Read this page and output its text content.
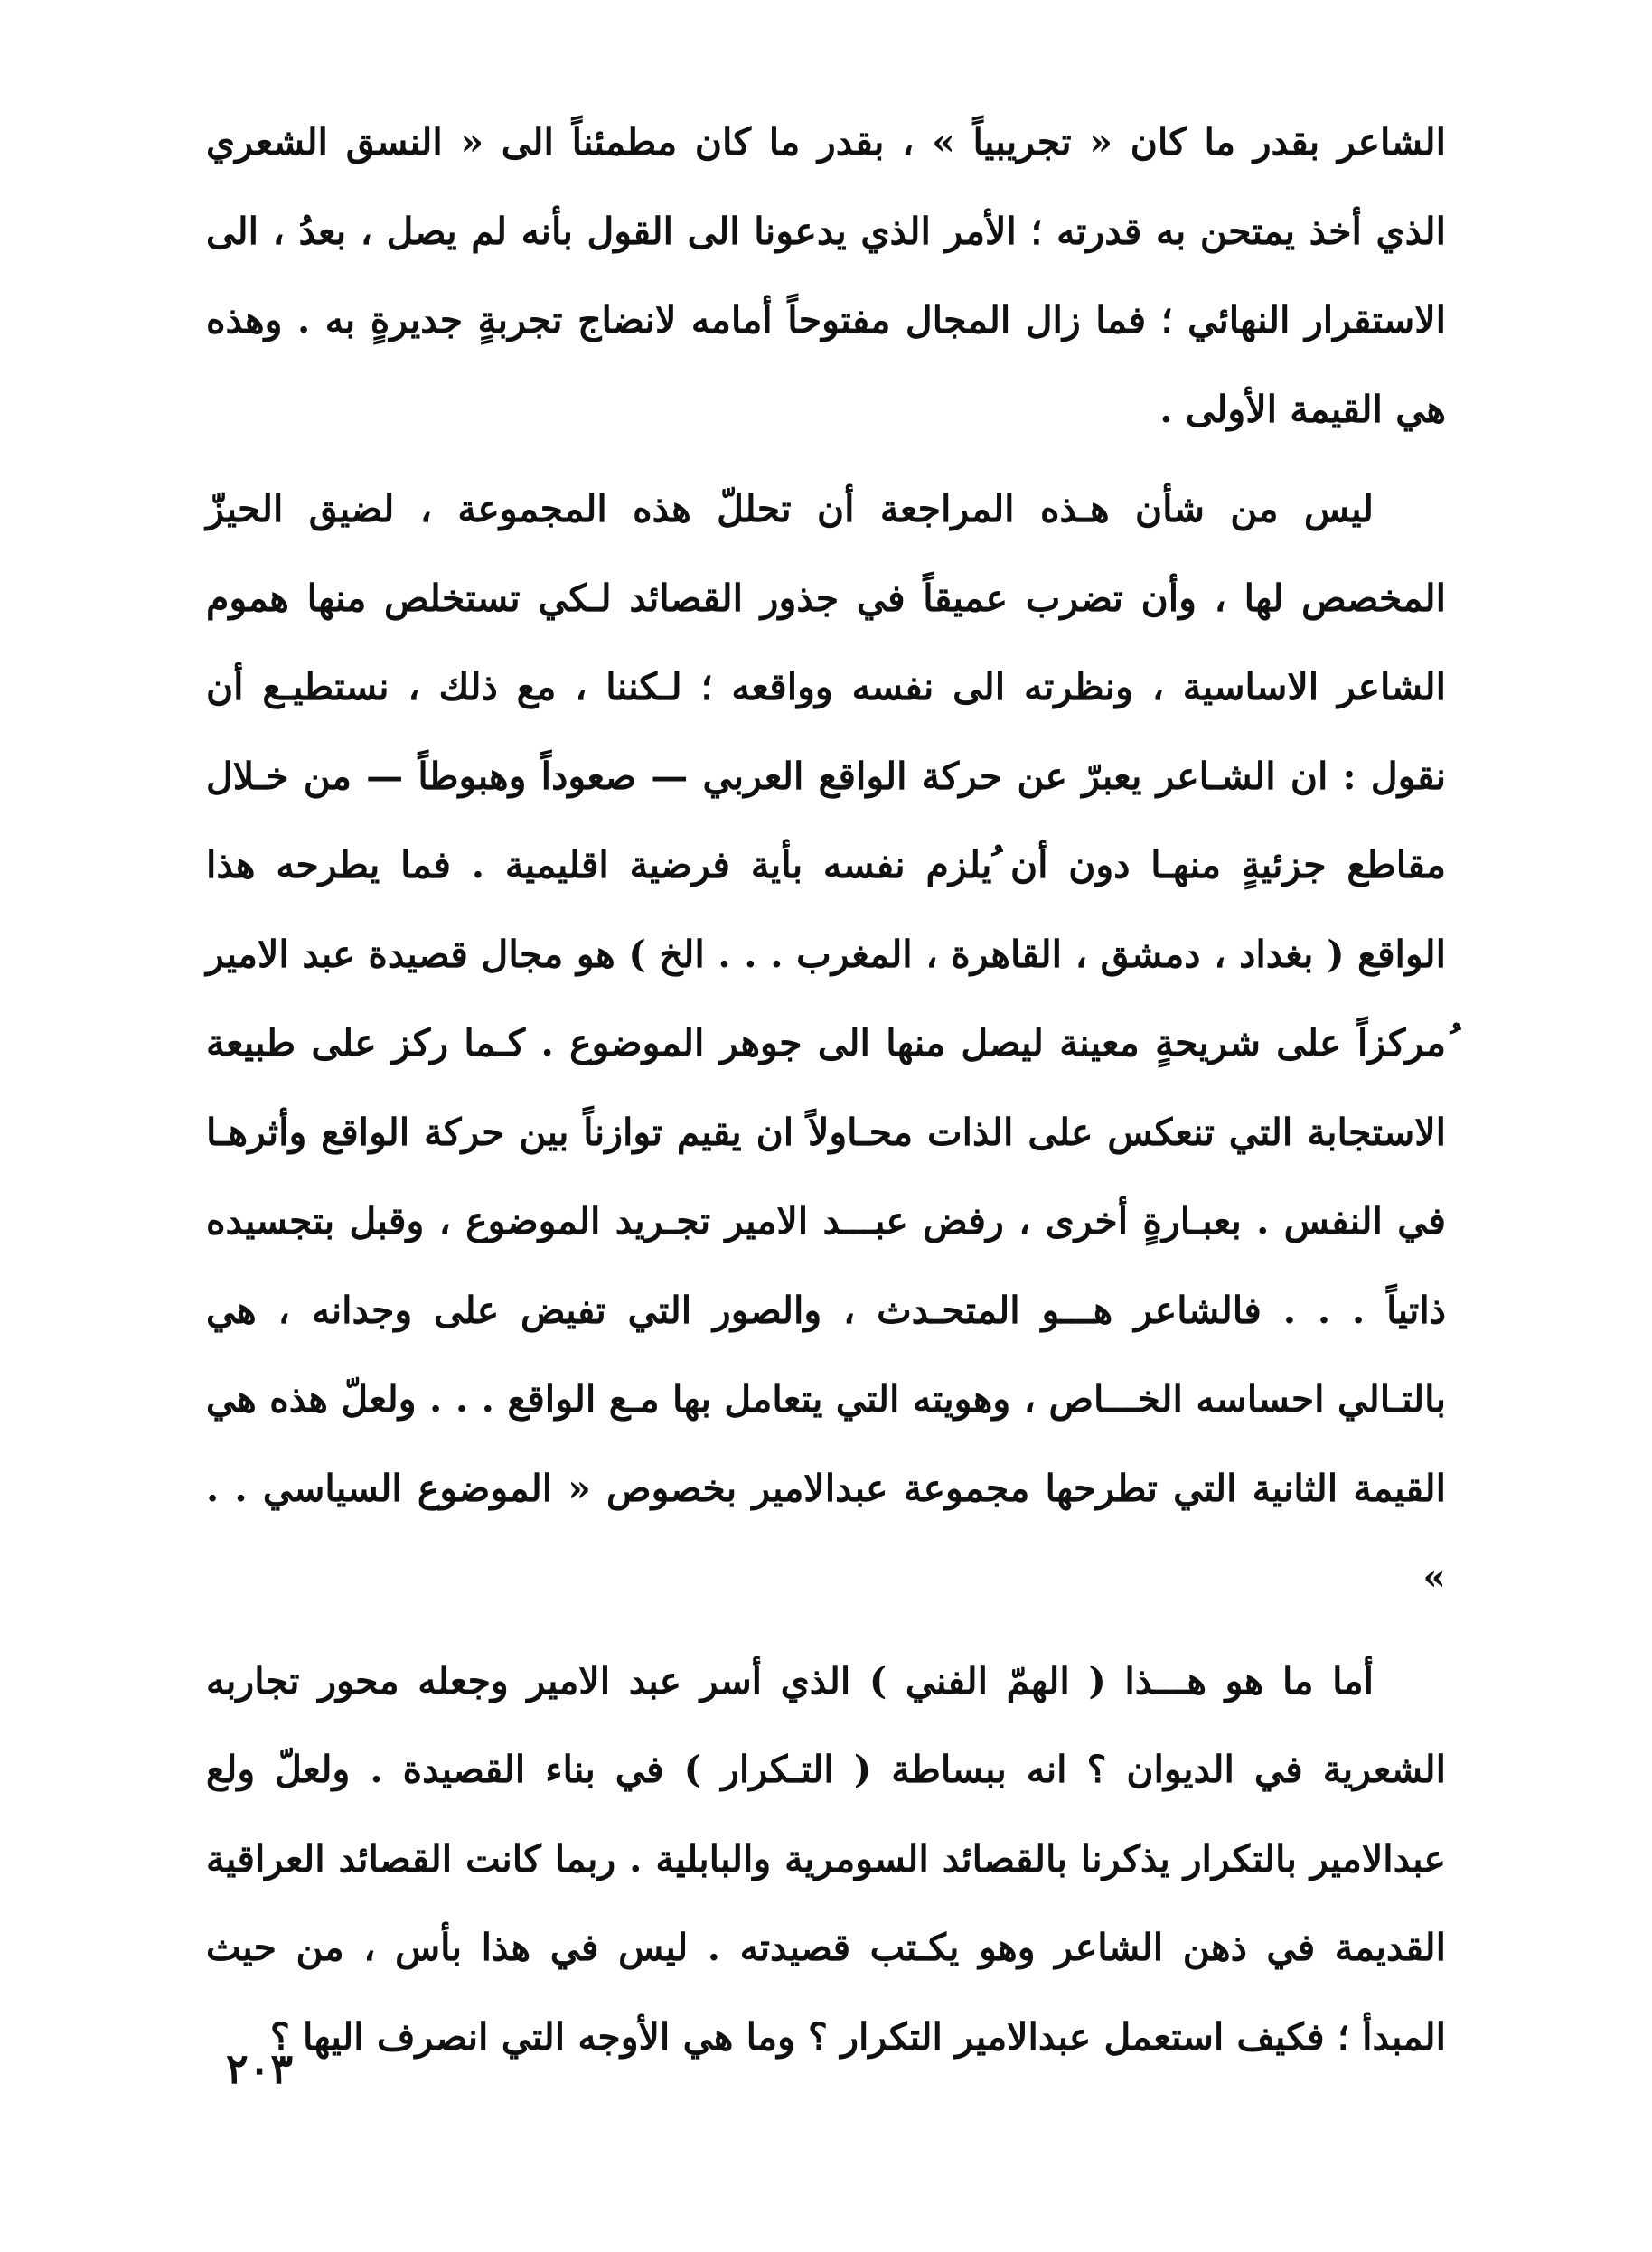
الشاعر بقدر ما كان « تجريبياً » ، بقدر ما كان مطمئناً الى « النسق الشعري الذي أخذ يمتحن به قدرته ؛ الأمر الذي يدعونا الى القول بأنه لم يصل ، بعدُ ، الى الاستقرار النهائي ؛ فما زال المجال مفتوحاً أمامه لانضاج تجربةٍ جديرةٍ به . وهذه هي القيمة الأولى .

ليس من شأن هـذه المراجعة أن تحللّ هذه المجموعة ، لضيق الحيزّ المخصص لها ، وأن تضرب عميقاً في جذور القصائد لـكي تستخلص منها هموم الشاعر الاساسية ، ونظرته الى نفسه وواقعه ؛ لـكننا ، مع ذلك ، نستطيـع أن نقول : ان الشـاعر يعبرّ عن حركة الواقع العربي — صعوداً وهبوطاً — من خـلال مقاطع جزئيةٍ منهـا دون أن ُيلزم نفسه بأية فرضية اقليمية . فما يطرحه هذا الواقع ( بغداد ، دمشق ، القاهرة ، المغرب . . . الخ ) هو مجال قصيدة عبد الامير ُمركزاً على شريحةٍ معينة ليصل منها الى جوهر الموضوع . كـما ركز على طبيعة الاستجابة التي تنعكس على الذات محـاولاً ان يقيم توازناً بين حركة الواقع وأثرهـا في النفس . بعبـارةٍ أخرى ، رفض عبـــد الامير تجـريد الموضوع ، وقبل بتجسيده ذاتياً . . . فالشاعر هـــو المتحـدث ، والصور التي تفيض على وجدانه ، هي بالتـالي احساسه الخـــاص ، وهويته التي يتعامل بها مـع الواقع . . . ولعلّ هذه هي القيمة الثانية التي تطرحها مجموعة عبدالامير بخصوص « الموضوع السياسي . . »

أما ما هو هـــذا ( الهمّ الفني ) الذي أسر عبد الامير وجعله محور تجاربه الشعرية في الديوان ؟ انه ببساطة ( التـكرار ) في بناء القصيدة . ولعلّ ولع عبدالامير بالتكرار يذكرنا بالقصائد السومرية والبابلية . ربما كانت القصائد العراقية القديمة في ذهن الشاعر وهو يكـتب قصيدته . ليس في هذا بأس ، من حيث المبدأ ؛ فكيف استعمل عبدالامير التكرار ؟ وما هي الأوجه التي انصرف اليها ؟

٢٠٣
